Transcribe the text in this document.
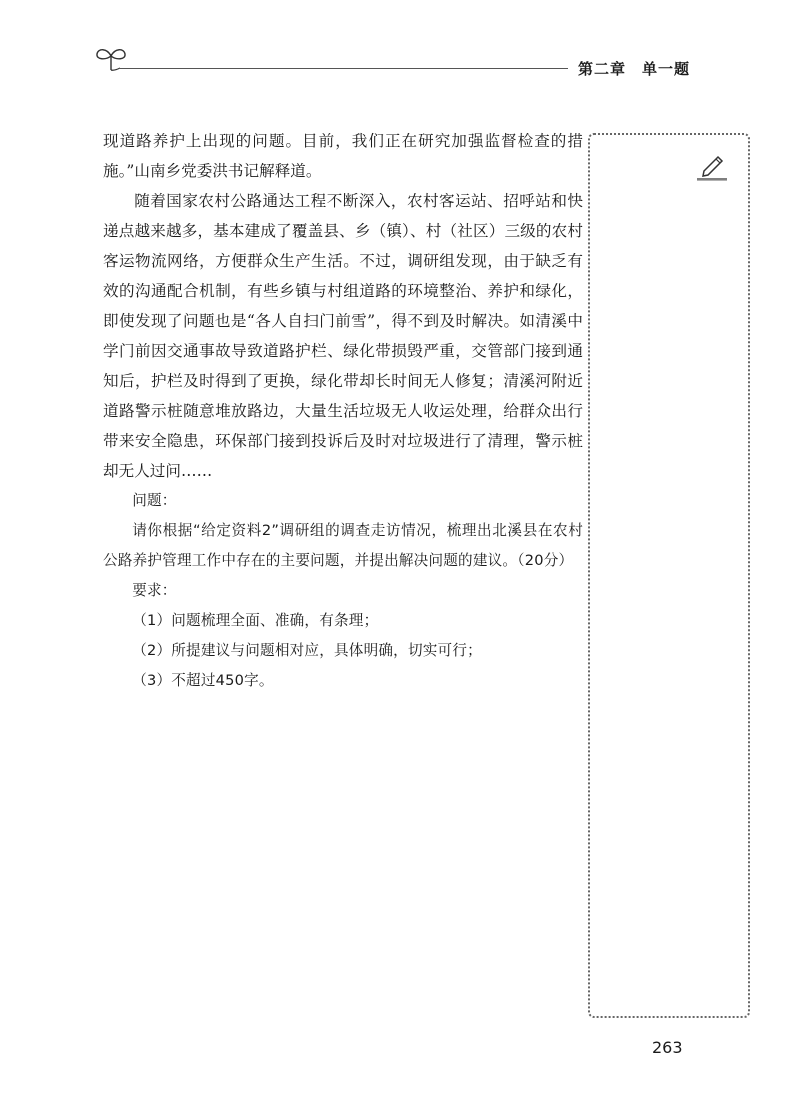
第二章　单一题

现道路养护上出现的问题。目前，我们正在研究加强监督检查的措施。”山南乡党委洪书记解释道。

随着国家农村公路通达工程不断深入，农村客运站、招呼站和快递点越来越多，基本建成了覆盖县、乡（镇）、村（社区）三级的农村客运物流网络，方便群众生产生活。不过，调研组发现，由于缺乏有效的沟通配合机制，有些乡镇与村组道路的环境整治、养护和绿化，即使发现了问题也是“各人自扫门前雪”，得不到及时解决。如清溪中学门前因交通事故导致道路护栏、绿化带损毁严重，交管部门接到通知后，护栏及时得到了更换，绿化带却长时间无人修复；清溪河附近道路警示桩随意堆放路边，大量生活垃圾无人收运处理，给群众出行带来安全隐患，环保部门接到投诉后及时对垃圾进行了清理，警示桩却无人过问……

问题：

请你根据“给定资料2”调研组的调查走访情况，梳理出北溪县在农村公路养护管理工作中存在的主要问题，并提出解决问题的建议。（20分）

要求：

（1）问题梳理全面、准确，有条理；

（2）所提建议与问题相对应，具体明确，切实可行；

（3）不超过450字。

263
